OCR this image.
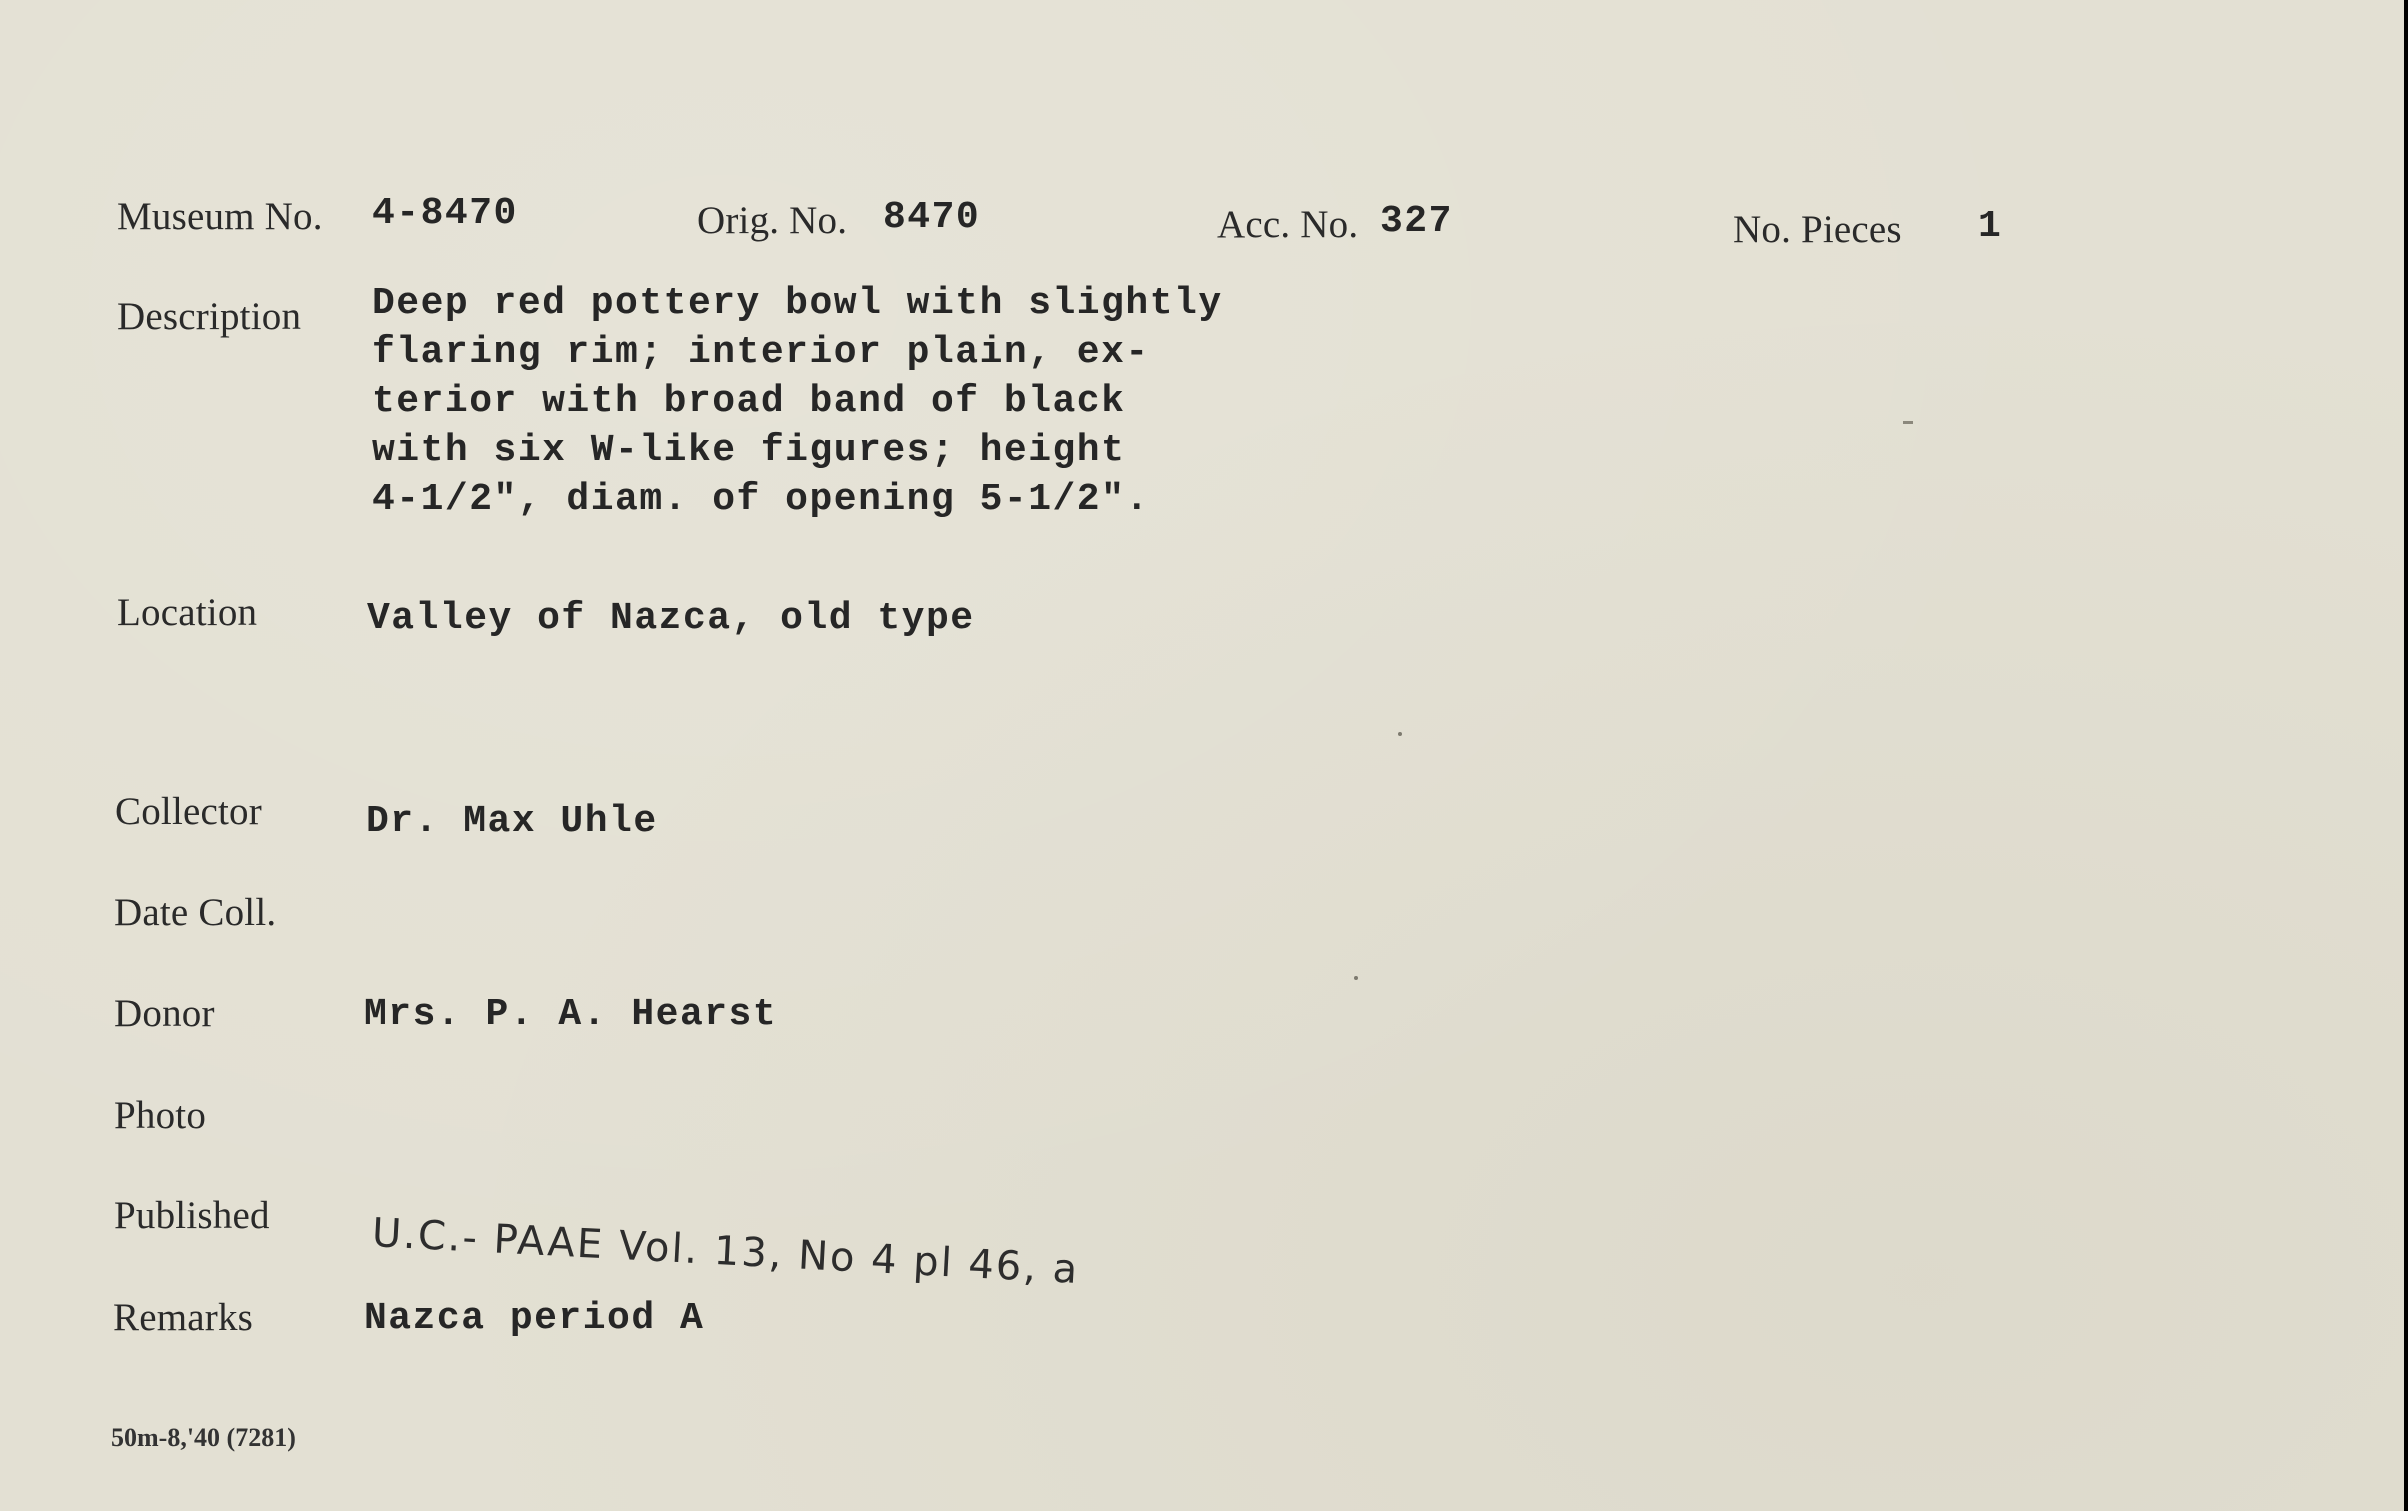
Museum No. 4-8470	Orig. No. 8470	Acc. No. 327	No. Pieces 1
Description Deep red pottery bowl with slightly
flaring rim; interior plain, ex-
terior with broad band of black
with six W-like figures; height
4-1/2", diam. of opening 5-1/2".
Location	Valley of Nazca, old type
Collector	Dr. Max Uhle
Date Coll.
Donor	Mrs. P. A. Hearst
Photo
Published	U.C.- PAAE Vol. 13, No 4 pl 46, a
Remarks	Nazca period A
50m-8,'40 (7281)
